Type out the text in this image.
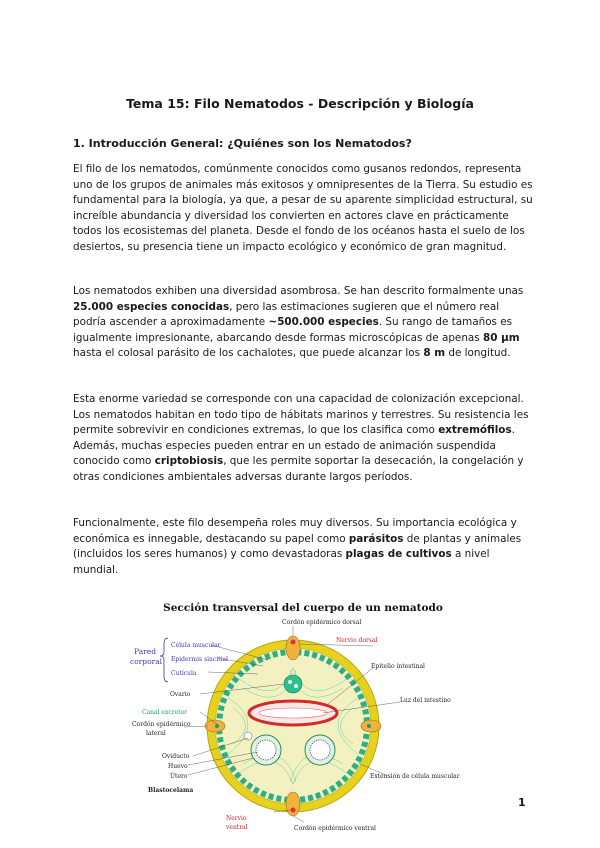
Tema 15: Filo Nematodos - Descripción y Biología
1. Introducción General: ¿Quiénes son los Nematodos?
El filo de los nematodos, comúnmente conocidos como gusanos redondos, representa uno de los grupos de animales más exitosos y omnipresentes de la Tierra. Su estudio es fundamental para la biología, ya que, a pesar de su aparente simplicidad estructural, su increíble abundancia y diversidad los convierten en actores clave en prácticamente todos los ecosistemas del planeta. Desde el fondo de los océanos hasta el suelo de los desiertos, su presencia tiene un impacto ecológico y económico de gran magnitud.
Los nematodos exhiben una diversidad asombrosa. Se han descrito formalmente unas 25.000 especies conocidas, pero las estimaciones sugieren que el número real podría ascender a aproximadamente ~500.000 especies. Su rango de tamaños es igualmente impresionante, abarcando desde formas microscópicas de apenas 80 µm hasta el colosal parásito de los cachalotes, que puede alcanzar los 8 m de longitud.
Esta enorme variedad se corresponde con una capacidad de colonización excepcional. Los nematodos habitan en todo tipo de hábitats marinos y terrestres. Su resistencia les permite sobrevivir en condiciones extremas, lo que los clasifica como extremófilos. Además, muchas especies pueden entrar en un estado de animación suspendida conocido como criptobiosis, que les permite soportar la desecación, la congelación y otras condiciones ambientales adversas durante largos períodos.
Funcionalmente, este filo desempeña roles muy diversos. Su importancia ecológica y económica es innegable, destacando su papel como parásitos de plantas y animales (incluidos los seres humanos) y como devastadoras plagas de cultivos a nivel mundial.
Sección transversal del cuerpo de un nematodo
Pared
corporal
Célula muscular
Epidermis sincitial
Cutícula
Ovario
Canal excretor
Cordón epidérmico
lateral
Oviducto
Huevo
Útero
Blastocelama
Nervio
ventral
Cordón epidérmico dorsal
Nervio dorsal
Epitelio intestinal
Luz del intestino
Extensión de célula muscular
Cordón epidérmico ventral
1
